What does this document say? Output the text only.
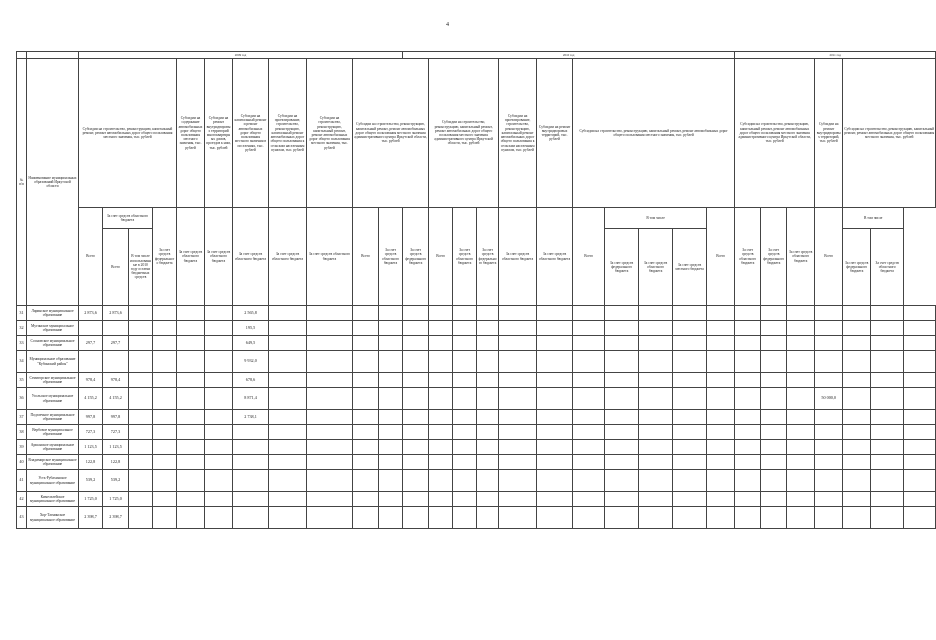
4
		2009 год											2010 год											2011 год						
№ п/п	Наименование муниципальных образований Иркутской области	Субсидии на строительство, реконструкцию, капитальный ремонт, ремонт автомобильных дорог общего пользования местного значения, тыс. рублей				Субсидии на содержание автомобильных дорог общего пользования местного значения, тыс. рублей	Субсидии на ремонт внутридворовых территорий многоквартирных домов, проездов к ним, тыс. рублей	Субсидии на капитальный ремонт и ремонт автомобильных дорог общего пользования местного значения в поселениях, тыс. рублей	Субсидии на проектирование, строительство, реконструкцию, капитальный ремонт автомобильных дорог общего пользования к сельским населенным пунктам, тыс. рублей	Субсидии на строительство, реконструкцию, капитальный ремонт, ремонт автомобильных дорог общего пользования местного значения, тыс. рублей	Субсидии на строительство, реконструкцию, капитальный ремонт, ремонт автомобильных дорог общего пользования местного значения административного центра Иркутской области, тыс. рублей			Субсидии на строительство, реконструкцию, капитальный ремонт, ремонт автомобильных дорог общего пользования местного значения административного центра Иркутской области, тыс. рублей			Субсидии на проектирование, строительство, реконструкцию, капитальный ремонт автомобильных дорог общего пользования к сельским населенным пунктам, тыс. рублей	Субсидии на ремонт внутридворовых территорий, тыс. рублей	Субсидии на строительство, реконструкцию, капитальный ремонт, ремонт автомобильных дорог общего пользования местного значения, тыс. рублей					Субсидии на строительство, реконструкцию, капитальный ремонт, ремонт автомобильных дорог общего пользования местного значения административного центра Иркутской области, тыс. рублей			Субсидии на ремонт внутридворовых территорий, тыс. рублей	Субсидии на строительство, реконструкцию, капитальный ремонт, ремонт автомобильных дорог общего пользования местного значения, тыс. рублей		
		Всего	За счет средств областного бюджета		За счет средств федерального бюджета	За счет средств областного бюджета	За счет средств областного бюджета	За счет средств областного бюджета	За счет средств областного бюджета	За счет средств областного бюджета	Всего	За счет средств областного бюджета	За счет средств федерального бюджета	Всего	За счет средств областного бюджета	За счет средств федерального бюджета	За счет средств областного бюджета	За счет средств областного бюджета	Всего	В том числе			Всего	За счет средств областного бюджета	За счет средств федерального бюджета	За счет средств областного бюджета	Всего	В том числе		
			Всего	В том числе использованные в 2010 году остатки бюджетных средств																За счет средств федерального бюджета	За счет средств областного бюджета	За счет средств местного бюджета						За счет средств федерального бюджета	За счет средств областного бюджета	
31	Ларинское муниципальное образование	2 873,6	2 873,6					2 565,8																						
32	Мугинское муниципальное образование							195,5																						
33	Сосновское муниципальное образование	297,7	297,7					649,5																						
34	Муниципальное образование "Кубинский район"							9 932,0																						
35	Семигорское муниципальное образование	978,4	978,4					678,6																						
36	Усольское муниципальное образование	4 155,2	4 155,2					8 871,4																			50 000,0			
37	Подгаечное муниципальное образование	997,8	997,8					2 738,1																						
38	Вербовое муниципальное образование	727,3	727,3																											
39	Аршанское муниципальное образование	1 123,5	1 123,5																											
40	Владимирское муниципальное образование	122,8	122,8																											
41	Усть-Рубахинское муниципальное образование	539,2	539,2																											
42	Кимельтейское муниципальное образование	1 725,0	1 725,0																											
43	Хор-Тагнинское муниципальное образование	2 398,7	2 398,7																											
